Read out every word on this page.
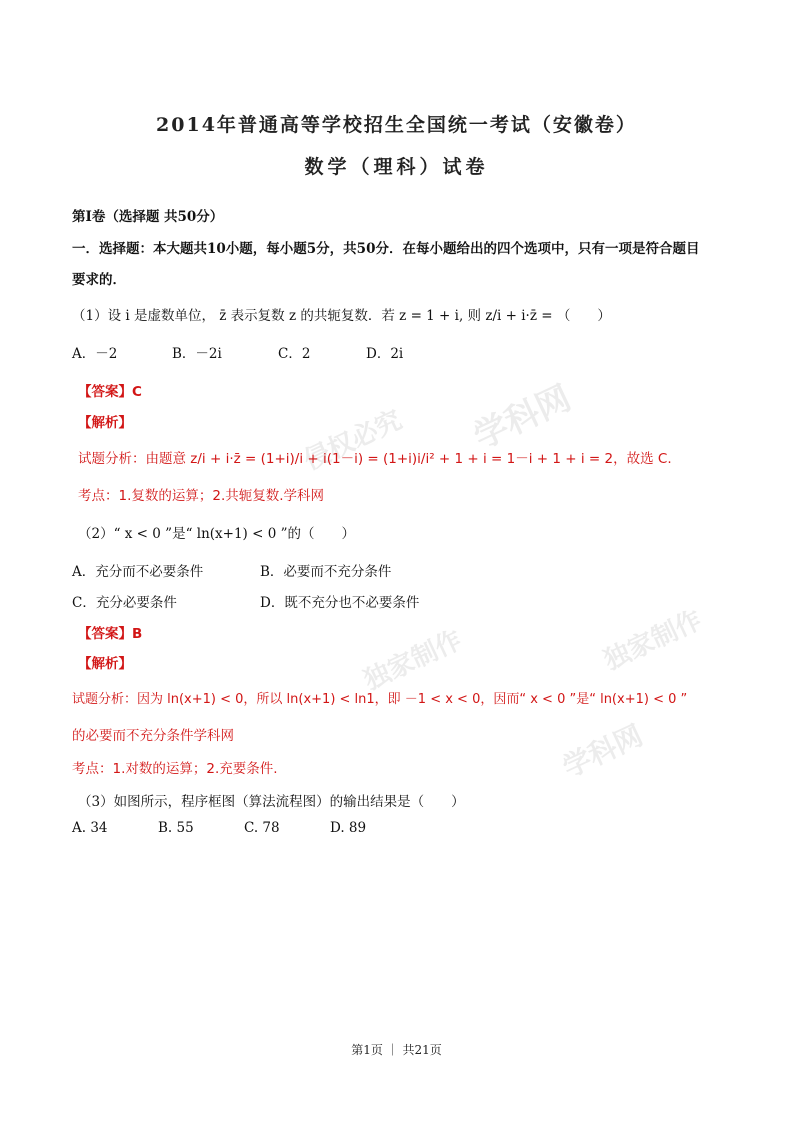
学科网
侵权必究
独家制作
独家制作
学科网
2014年普通高等学校招生全国统一考试（安徽卷）
数学（理科）试卷
第Ⅰ卷（选择题 共50分）
一．选择题：本大题共10小题，每小题5分，共50分．在每小题给出的四个选项中，只有一项是符合题目
要求的．
（1）设 i 是虚数单位， z̄ 表示复数 z 的共轭复数．若 z = 1 + i, 则 z/i + i·z̄ = （　　）
A．－2	B．－2i	C．2	D．2i
【答案】C
【解析】
试题分析：由题意 z/i + i·z̄ = (1+i)/i + i(1－i) = (1+i)i/i² + 1 + i = 1－i + 1 + i = 2，故选 C.
考点：1.复数的运算；2.共轭复数.学科网
（2）“ x < 0 ”是“ ln(x+1) < 0 ”的（　　）
A．充分而不必要条件	B．必要而不充分条件
C．充分必要条件	D．既不充分也不必要条件
【答案】B
【解析】
试题分析：因为 ln(x+1) < 0，所以 ln(x+1) < ln1，即 －1 < x < 0，因而“ x < 0 ”是“ ln(x+1) < 0 ”
的必要而不充分条件学科网
考点：1.对数的运算；2.充要条件.
（3）如图所示，程序框图（算法流程图）的输出结果是（　　）
A. 34	B. 55	C. 78	D. 89
第1页 ｜ 共21页
